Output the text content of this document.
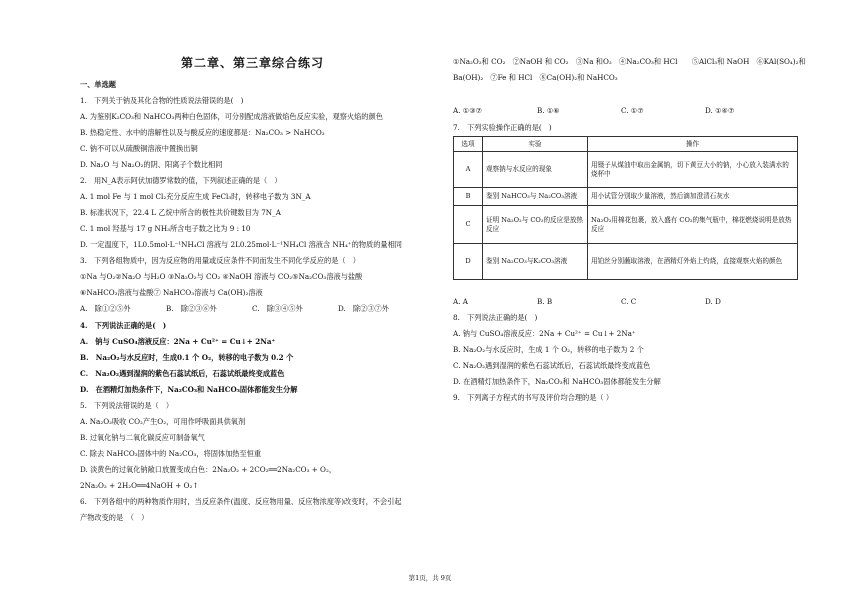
第二章、第三章综合练习
一、单选题
1.　下列关于钠及其化合物的性质说法错误的是(　)
A. 为鉴别K₂CO₃和 NaHCO₃两种白色固体，可分别配成溶液做焰色反应实验，观察火焰的颜色
B. 热稳定性、水中的溶解性以及与酸反应的速度都是：Na₂CO₃ > NaHCO₃
C. 钠不可以从硫酸铜溶液中置换出铜
D. Na₂O 与 Na₂O₂的阴、阳离子个数比相同
2.　用N_A表示阿伏加德罗常数的值，下列叙述正确的是（　）
A. 1 mol Fe 与 1 mol Cl₂充分反应生成 FeCl₃时，转移电子数为 3N_A
B. 标准状况下，22.4 L 乙烷中所含的极性共价键数目为 7N_A
C. 1 mol 羟基与 17 g NH₃所含电子数之比为 9 : 10
D. 一定温度下，1L0.5mol·L⁻¹NH₄Cl 溶液与 2L0.25mol·L⁻¹NH₄Cl 溶液含 NH₄⁺的物质的量相同
3.　下列各组物质中，因为反应物的用量或反应条件不同而发生不同化学反应的是（　）
①Na 与O₂②Na₂O 与H₂O ③Na₂O₂与 CO₂ ④NaOH 溶液与 CO₂⑤Na₂CO₃溶液与盐酸
⑥NaHCO₃溶液与盐酸⑦ NaHCO₃溶液与 Ca(OH)₂溶液
4.　下列说法正确的是(　)
A.　钠与 CuSO₄溶液反应：2Na + Cu²⁺ = Cu↓+ 2Na⁺
B.　Na₂O₂与水反应时，生成0.1 个 O₂，转移的电子数为 0.2 个
C.　Na₂O₂遇到湿润的紫色石蕊试纸后，石蕊试纸最终变成蓝色
D.　在酒精灯加热条件下，Na₂CO₃和 NaHCO₃固体都能发生分解
5.　下列说法错误的是（　）
A. Na₂O₂吸收 CO₂产生O₂，可用作呼吸面具供氧剂
B. 过氧化钠与二氧化碳反应可制备氧气
C. 除去 NaHCO₃固体中的 Na₂CO₃，将固体加热至恒重
D. 淡黄色的过氧化钠敞口放置变成白色：2Na₂O₂ + 2CO₂══2Na₂CO₃ + O₂，
2Na₂O₂ + 2H₂O══4NaOH + O₂↑
6.　下列各组中的两种物质作用时，当反应条件(温度、反应物用量、反应物浓度等)改变时，不会引起
产物改变的是　（　）
A.　除①②⑤外	B.　除②③⑥外	C.　除③④⑤外	D.　除②③⑦外
①Na₂O₂和 CO₂　②NaOH 和 CO₂　③Na 和O₂　④Na₂CO₃和 HCl　　⑤AlCl₃和 NaOH　⑥KAl(SO₄)₂和
Ba(OH)₂　⑦Fe 和 HCl　⑧Ca(OH)₂和 NaHCO₃
7.　下列实验操作正确的是(　)
8.　下列说法正确的是(　)
A. 钠与 CuSO₄溶液反应：2Na + Cu²⁺ = Cu↓+ 2Na⁺
B. Na₂O₂与水反应时，生成 1 个 O₂，转移的电子数为 2 个
C. Na₂O₂遇到湿润的紫色石蕊试纸后，石蕊试纸最终变成蓝色
D. 在酒精灯加热条件下，Na₂CO₃和 NaHCO₃固体都能发生分解
9.　下列离子方程式的书写及评价均合理的是（ ）
A. ①③⑦	B. ①⑥	C. ①⑦	D. ①④⑦
选项	实验	操作
A	观察钠与水反应的现象	用镊子从煤油中取出金属钠，切下黄豆大小的钠，小心放入装满水的烧杯中
B	鉴别 NaHCO₃与 Na₂CO₃溶液	用小试管分别取少量溶液，然后滴加澄清石灰水
C	证明 Na₂O₂与 CO₂的反应是放热反应	Na₂O₂用棉花包裹，放入盛有 CO₂的集气瓶中，棉花燃烧说明是放热反应
D	鉴别 Na₂CO₃与K₂CO₃溶液	用铂丝分别蘸取溶液，在酒精灯外焰上灼烧，直接观察火焰的颜色
A. A	B. B	C. C	D. D
第1页，共 9页
